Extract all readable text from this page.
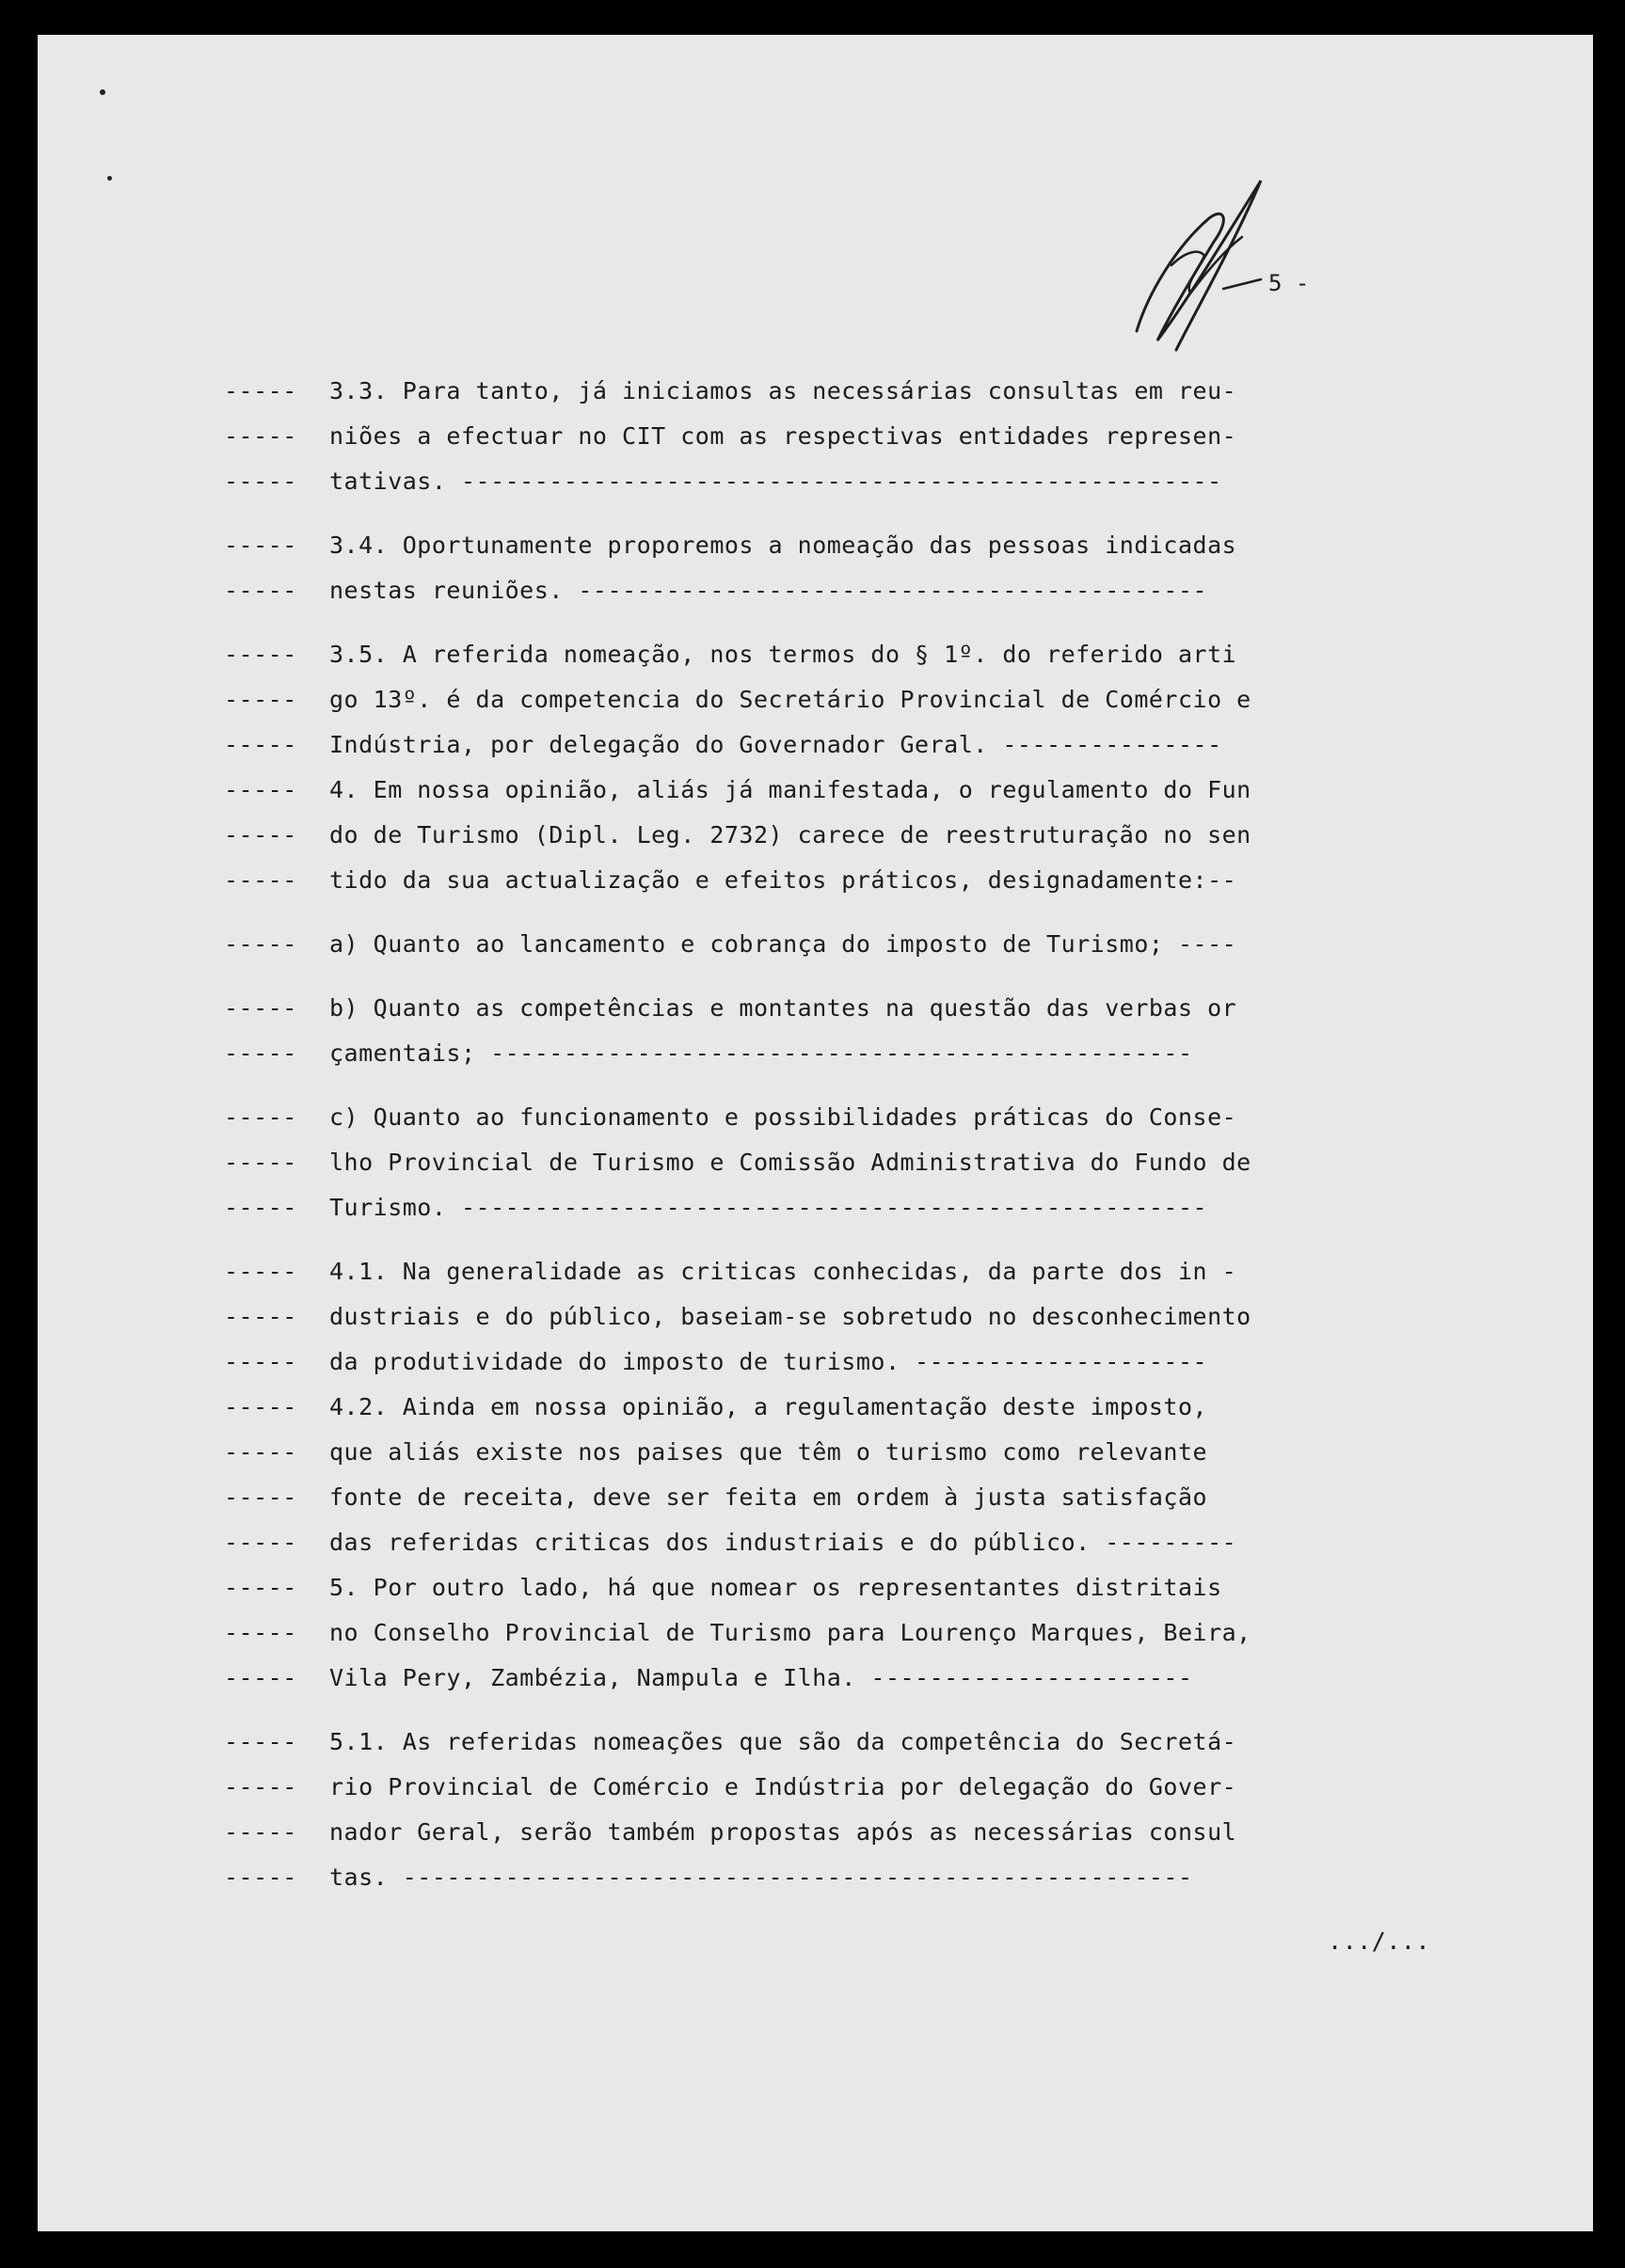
5 -
----- 3.3. Para tanto, já iniciamos as necessárias consultas em reu-
----- niões a efectuar no CIT com as respectivas entidades represen-
----- tativas. ----------------------------------------------------
----- 3.4. Oportunamente proporemos a nomeação das pessoas indicadas
----- nestas reuniões. -------------------------------------------
----- 3.5. A referida nomeação, nos termos do § 1º. do referido arti
----- go 13º. é da competencia do Secretário Provincial de Comércio e
----- Indústria, por delegação do Governador Geral. ---------------
----- 4. Em nossa opinião, aliás já manifestada, o regulamento do Fun
----- do de Turismo (Dipl. Leg. 2732) carece de reestruturação no sen
----- tido da sua actualização e efeitos práticos, designadamente:--
----- a) Quanto ao lancamento e cobrança do imposto de Turismo; ----
----- b) Quanto as competências e montantes na questão das verbas or
----- çamentais; ------------------------------------------------
----- c) Quanto ao funcionamento e possibilidades práticas do Conse-
----- lho Provincial de Turismo e Comissão Administrativa do Fundo de
----- Turismo. ---------------------------------------------------
----- 4.1. Na generalidade as criticas conhecidas, da parte dos in -
----- dustriais e do público, baseiam-se sobretudo no desconhecimento
----- da produtividade do imposto de turismo. --------------------
----- 4.2. Ainda em nossa opinião, a regulamentação deste imposto,
----- que aliás existe nos paises que têm o turismo como relevante
----- fonte de receita, deve ser feita em ordem à justa satisfação
----- das referidas criticas dos industriais e do público. ---------
----- 5. Por outro lado, há que nomear os representantes distritais
----- no Conselho Provincial de Turismo para Lourenço Marques, Beira,
----- Vila Pery, Zambézia, Nampula e Ilha. ----------------------
----- 5.1. As referidas nomeações que são da competência do Secretá-
----- rio Provincial de Comércio e Indústria por delegação do Gover-
----- nador Geral, serão também propostas após as necessárias consul
----- tas. ------------------------------------------------------
.../...
